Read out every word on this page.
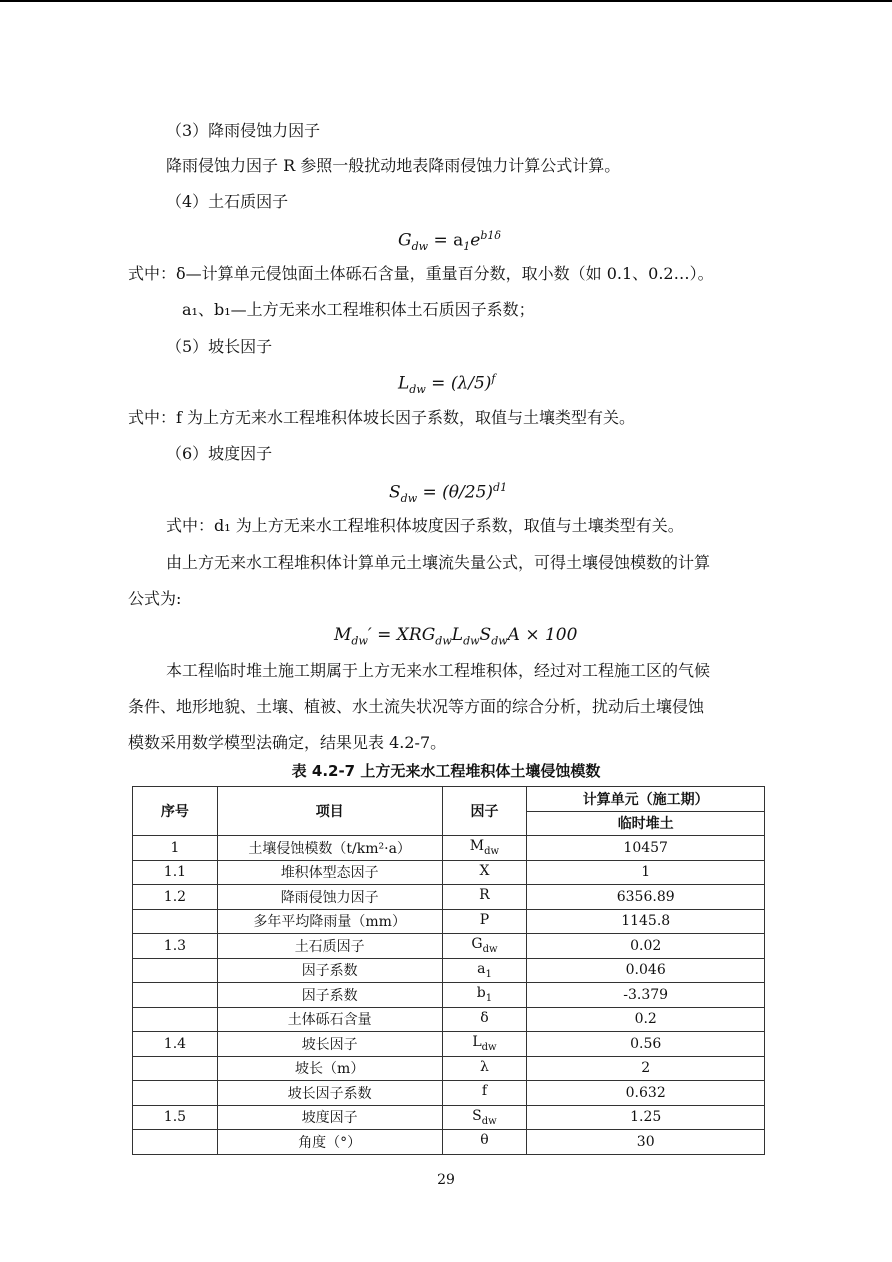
（3）降雨侵蚀力因子
降雨侵蚀力因子 R 参照一般扰动地表降雨侵蚀力计算公式计算。
（4）土石质因子
$G_{dw} = a_1e^{b1\delta}$
式中：δ—计算单元侵蚀面土体砾石含量，重量百分数，取小数（如 0.1、0.2…）。
a₁、b₁—上方无来水工程堆积体土石质因子系数；
（5）坡长因子
$L_{dw} = (\lambda/5)^f$
式中：f 为上方无来水工程堆积体坡长因子系数，取值与土壤类型有关。
（6）坡度因子
$S_{dw} = (\theta/25)^{d1}$
式中：d₁ 为上方无来水工程堆积体坡度因子系数，取值与土壤类型有关。
由上方无来水工程堆积体计算单元土壤流失量公式，可得土壤侵蚀模数的计算
公式为:
$M_{dw}' = XRG_{dw}L_{dw}S_{dw}A \times 100$
本工程临时堆土施工期属于上方无来水工程堆积体，经过对工程施工区的气候
条件、地形地貌、土壤、植被、水土流失状况等方面的综合分析，扰动后土壤侵蚀
模数采用数学模型法确定，结果见表 4.2-7。
表 4.2-7 上方无来水工程堆积体土壤侵蚀模数
序号	项目	因子	计算单元（施工期）
			临时堆土
1	土壤侵蚀模数（t/km²·a）	$M_{dw}$	10457
1.1	堆积体型态因子	X	1
1.2	降雨侵蚀力因子	R	6356.89
	多年平均降雨量（mm）	P	1145.8
1.3	土石质因子	$G_{dw}$	0.02
	因子系数	$a_1$	0.046
	因子系数	$b_1$	-3.379
	土体砾石含量	δ	0.2
1.4	坡长因子	$L_{dw}$	0.56
	坡长（m）	λ	2
	坡长因子系数	f	0.632
1.5	坡度因子	$S_{dw}$	1.25
	角度（°）	θ	30
29
